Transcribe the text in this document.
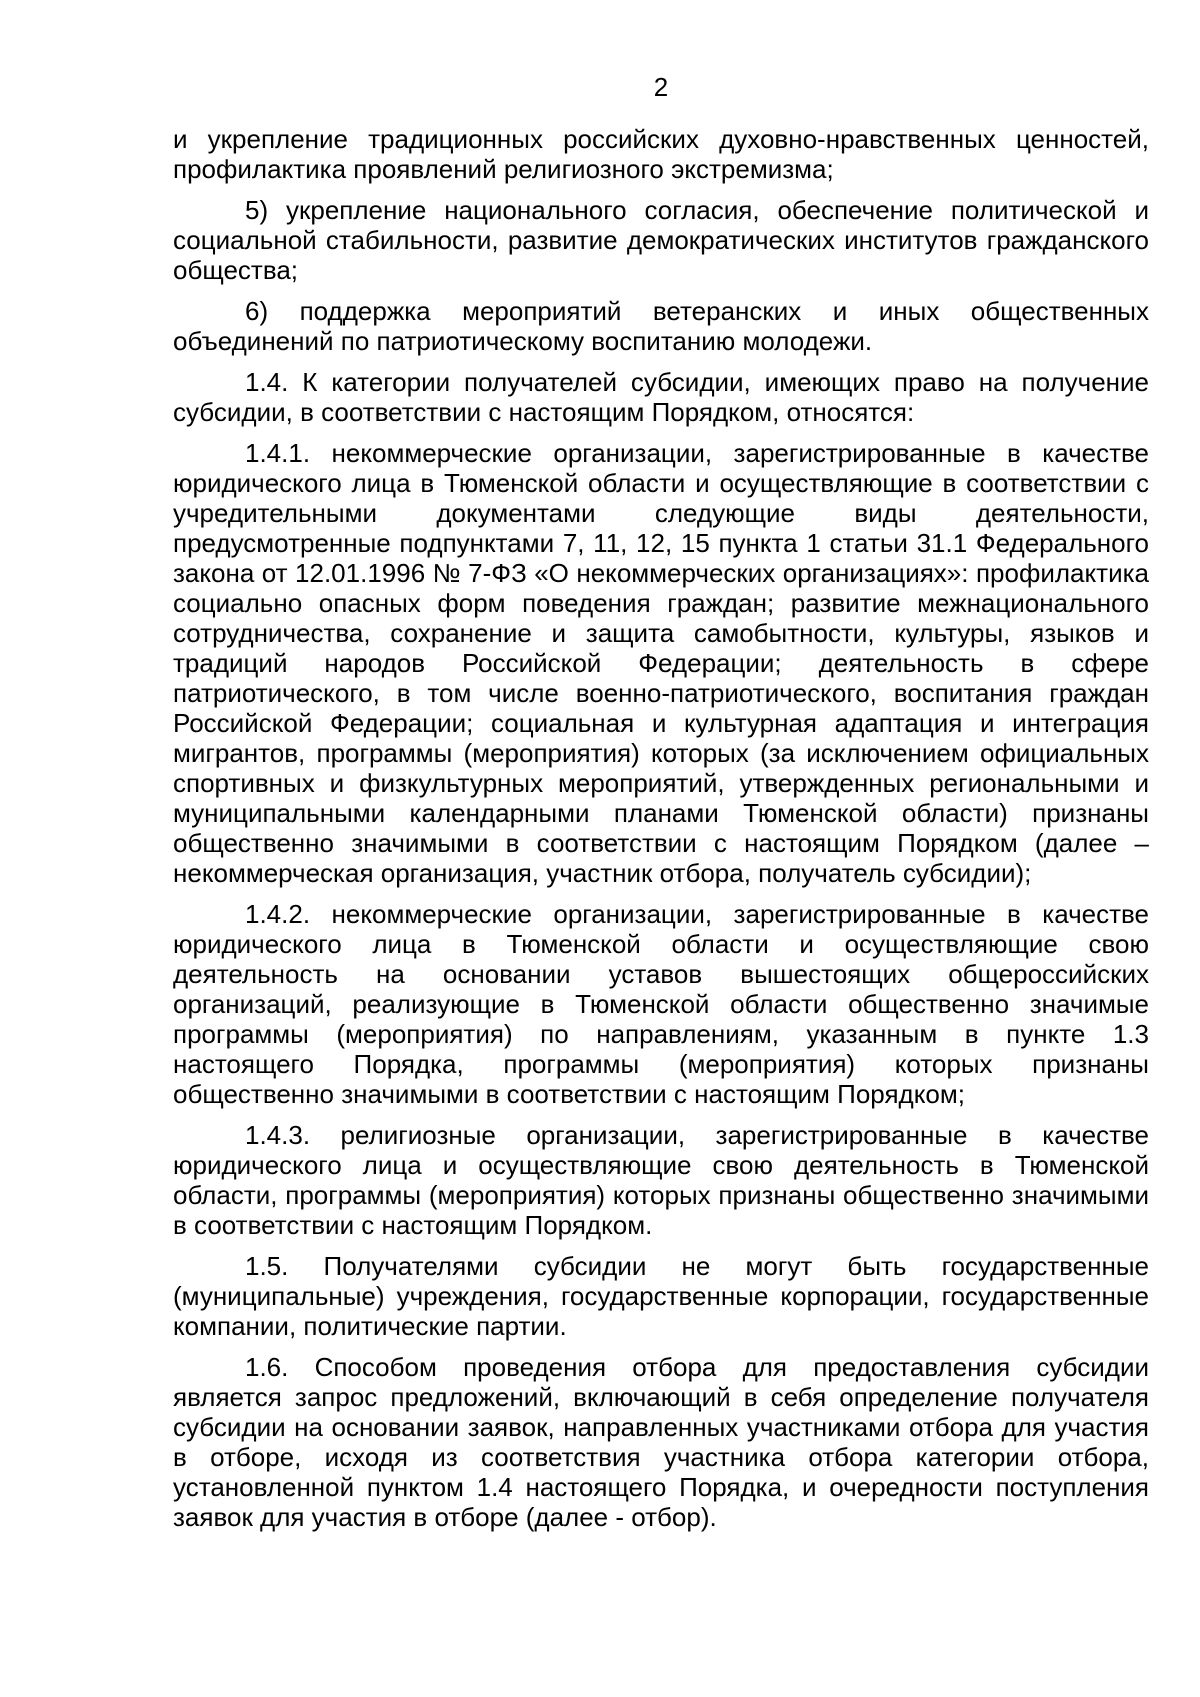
2

и укрепление традиционных российских духовно-нравственных ценностей, профилактика проявлений религиозного экстремизма;

5) укрепление национального согласия, обеспечение политической и социальной стабильности, развитие демократических институтов гражданского общества;

6) поддержка мероприятий ветеранских и иных общественных объединений по патриотическому воспитанию молодежи.

1.4. К категории получателей субсидии, имеющих право на получение субсидии, в соответствии с настоящим Порядком, относятся:

1.4.1. некоммерческие организации, зарегистрированные в качестве юридического лица в Тюменской области и осуществляющие в соответствии с учредительными документами следующие виды деятельности, предусмотренные подпунктами 7, 11, 12, 15 пункта 1 статьи 31.1 Федерального закона от 12.01.1996 № 7-ФЗ «О некоммерческих организациях»: профилактика социально опасных форм поведения граждан; развитие межнационального сотрудничества, сохранение и защита самобытности, культуры, языков и традиций народов Российской Федерации; деятельность в сфере патриотического, в том числе военно-патриотического, воспитания граждан Российской Федерации; социальная и культурная адаптация и интеграция мигрантов, программы (мероприятия) которых (за исключением официальных спортивных и физкультурных мероприятий, утвержденных региональными и муниципальными календарными планами Тюменской области) признаны общественно значимыми в соответствии с настоящим Порядком (далее – некоммерческая организация, участник отбора, получатель субсидии);

1.4.2. некоммерческие организации, зарегистрированные в качестве юридического лица в Тюменской области и осуществляющие свою деятельность на основании уставов вышестоящих общероссийских организаций, реализующие в Тюменской области общественно значимые программы (мероприятия) по направлениям, указанным в пункте 1.3 настоящего Порядка, программы (мероприятия) которых признаны общественно значимыми в соответствии с настоящим Порядком;

1.4.3. религиозные организации, зарегистрированные в качестве юридического лица и осуществляющие свою деятельность в Тюменской области, программы (мероприятия) которых признаны общественно значимыми в соответствии с настоящим Порядком.

1.5. Получателями субсидии не могут быть государственные (муниципальные) учреждения, государственные корпорации, государственные компании, политические партии.

1.6. Способом проведения отбора для предоставления субсидии является запрос предложений, включающий в себя определение получателя субсидии на основании заявок, направленных участниками отбора для участия в отборе, исходя из соответствия участника отбора категории отбора, установленной пунктом 1.4 настоящего Порядка, и очередности поступления заявок для участия в отборе (далее - отбор).
